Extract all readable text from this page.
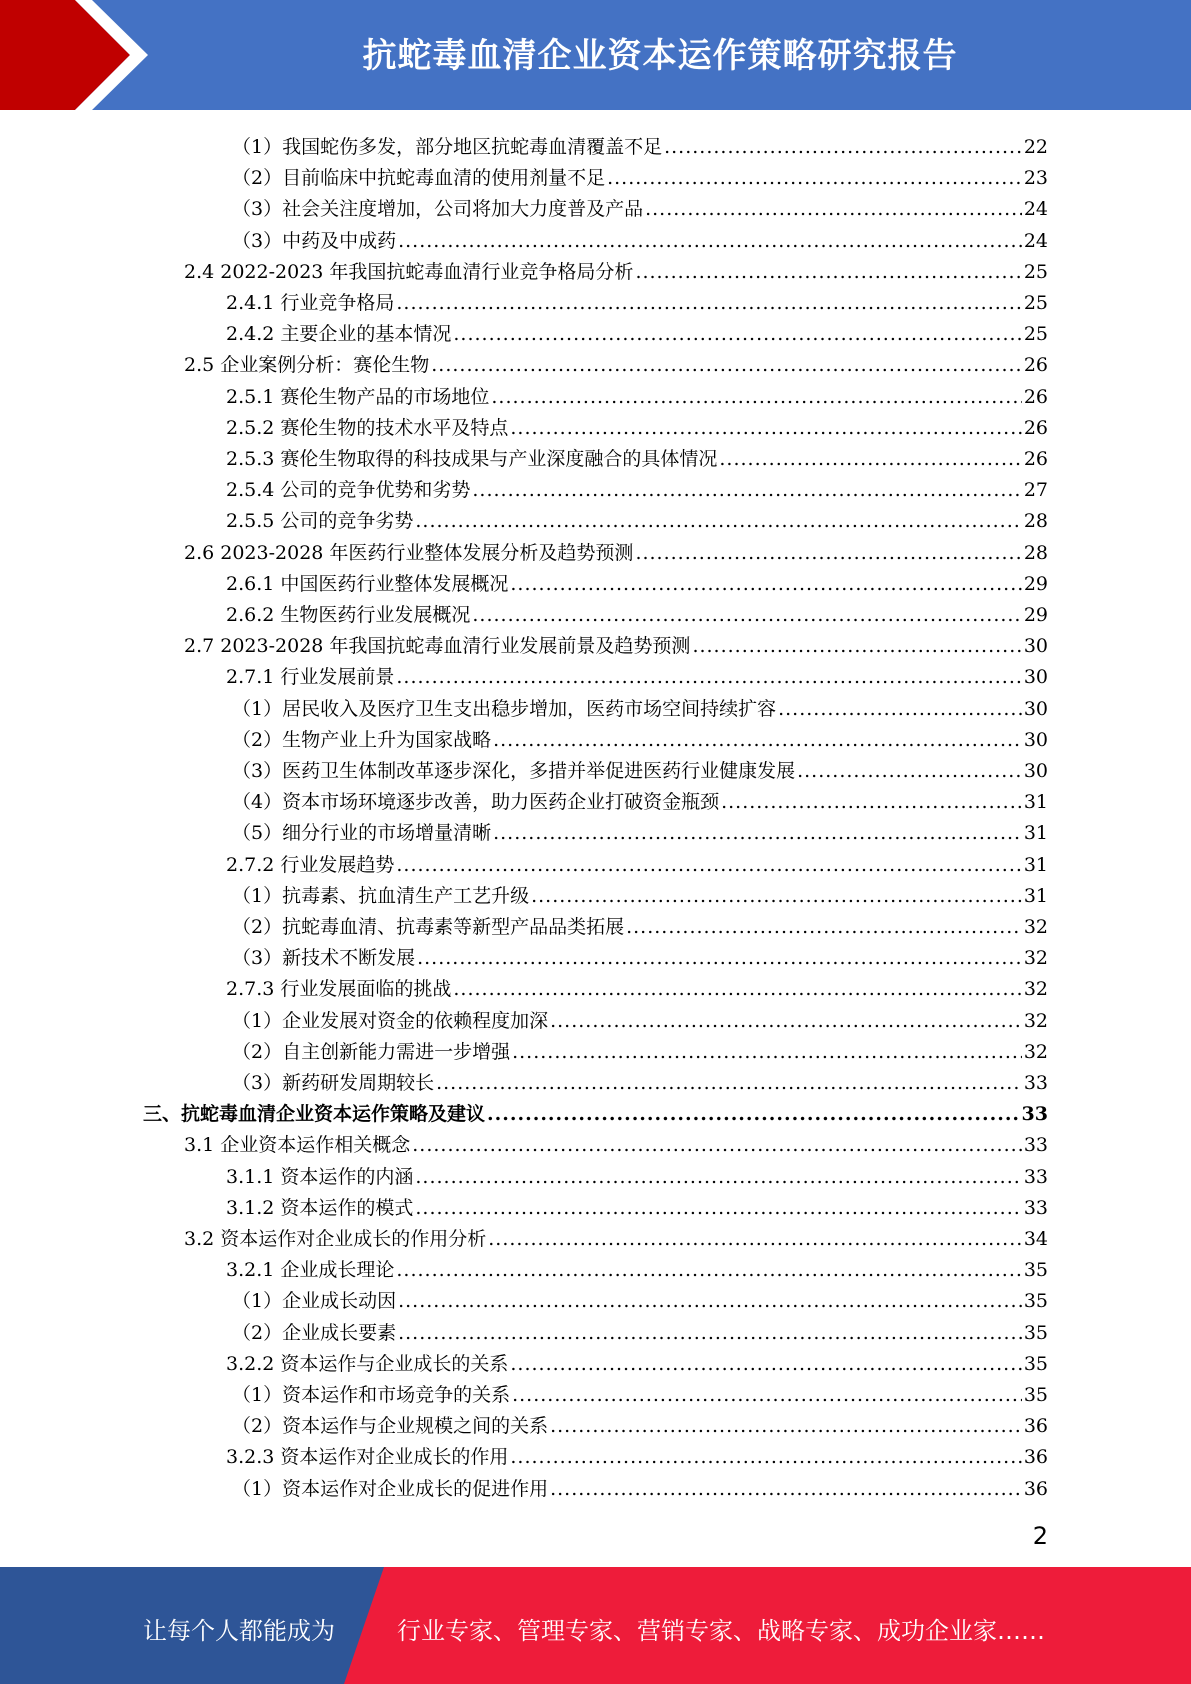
抗蛇毒血清企业资本运作策略研究报告
（1）我国蛇伤多发，部分地区抗蛇毒血清覆盖不足 .....	22
（2）目前临床中抗蛇毒血清的使用剂量不足 .....	23
（3）社会关注度增加，公司将加大力度普及产品 .....	24
（3）中药及中成药 .....	24
2.4 2022-2023 年我国抗蛇毒血清行业竞争格局分析 .....	25
2.4.1 行业竞争格局 .....	25
2.4.2 主要企业的基本情况 .....	25
2.5 企业案例分析：赛伦生物 .....	26
2.5.1 赛伦生物产品的市场地位 .....	26
2.5.2 赛伦生物的技术水平及特点 .....	26
2.5.3 赛伦生物取得的科技成果与产业深度融合的具体情况 .....	26
2.5.4 公司的竞争优势和劣势 .....	27
2.5.5 公司的竞争劣势 .....	28
2.6 2023-2028 年医药行业整体发展分析及趋势预测 .....	28
2.6.1 中国医药行业整体发展概况 .....	29
2.6.2 生物医药行业发展概况 .....	29
2.7 2023-2028 年我国抗蛇毒血清行业发展前景及趋势预测 .....	30
2.7.1 行业发展前景 .....	30
（1）居民收入及医疗卫生支出稳步增加，医药市场空间持续扩容 .....	30
（2）生物产业上升为国家战略 .....	30
（3）医药卫生体制改革逐步深化，多措并举促进医药行业健康发展 .....	30
（4）资本市场环境逐步改善，助力医药企业打破资金瓶颈 .....	31
（5）细分行业的市场增量清晰 .....	31
2.7.2 行业发展趋势 .....	31
（1）抗毒素、抗血清生产工艺升级 .....	31
（2）抗蛇毒血清、抗毒素等新型产品品类拓展 .....	32
（3）新技术不断发展 .....	32
2.7.3 行业发展面临的挑战 .....	32
（1）企业发展对资金的依赖程度加深 .....	32
（2）自主创新能力需进一步增强 .....	32
（3）新药研发周期较长 .....	33
三、抗蛇毒血清企业资本运作策略及建议 .....	33
3.1 企业资本运作相关概念 .....	33
3.1.1 资本运作的内涵 .....	33
3.1.2 资本运作的模式 .....	33
3.2 资本运作对企业成长的作用分析 .....	34
3.2.1 企业成长理论 .....	35
（1）企业成长动因 .....	35
（2）企业成长要素 .....	35
3.2.2 资本运作与企业成长的关系 .....	35
（1）资本运作和市场竞争的关系 .....	35
（2）资本运作与企业规模之间的关系 .....	36
3.2.3 资本运作对企业成长的作用 .....	36
（1）资本运作对企业成长的促进作用 .....	36
2
让每个人都能成为	行业专家、管理专家、营销专家、战略专家、成功企业家……
